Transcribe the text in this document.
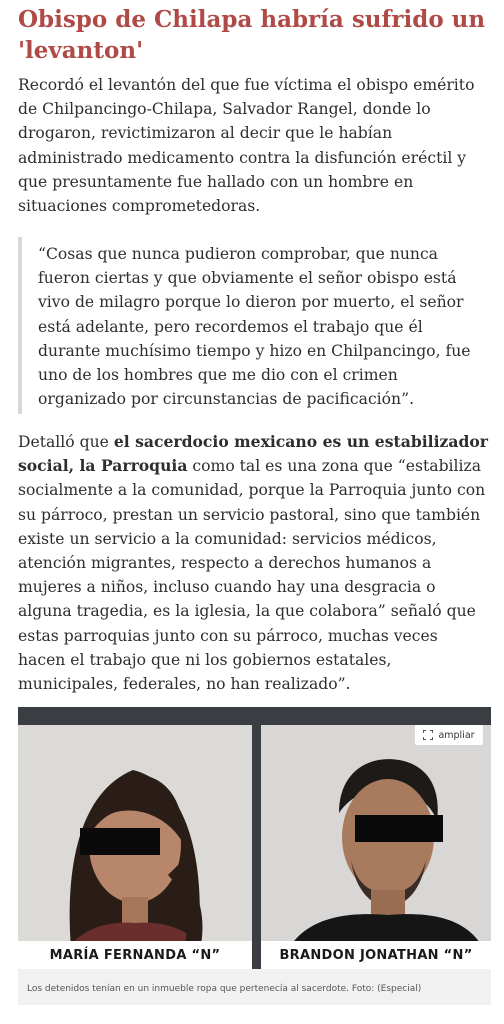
Obispo de Chilapa habría sufrido un 'levanton'

Recordó el levantón del que fue víctima el obispo emérito de Chilpancingo-Chilapa, Salvador Rangel, donde lo drogaron, revictimizaron al decir que le habían administrado medicamento contra la disfunción eréctil y que presuntamente fue hallado con un hombre en situaciones comprometedoras.

“Cosas que nunca pudieron comprobar, que nunca fueron ciertas y que obviamente el señor obispo está vivo de milagro porque lo dieron por muerto, el señor está adelante, pero recordemos el trabajo que él durante muchísimo tiempo y hizo en Chilpancingo, fue uno de los hombres que me dio con el crimen organizado por circunstancias de pacificación”.

Detalló que el sacerdocio mexicano es un estabilizador social, la Parroquia como tal es una zona que “estabiliza socialmente a la comunidad, porque la Parroquia junto con su párroco, prestan un servicio pastoral, sino que también existe un servicio a la comunidad: servicios médicos, atención migrantes, respecto a derechos humanos a mujeres a niños, incluso cuando hay una desgracia o alguna tragedia, es la iglesia, la que colabora” señaló que estas parroquias junto con su párroco, muchas veces hacen el trabajo que ni los gobiernos estatales, municipales, federales, no han realizado”.

MARÍA FERNANDA “N”	BRANDON JONATHAN “N”
ampliar
Los detenidos tenían en un inmueble ropa que pertenecía al sacerdote. Foto: (Especial)
